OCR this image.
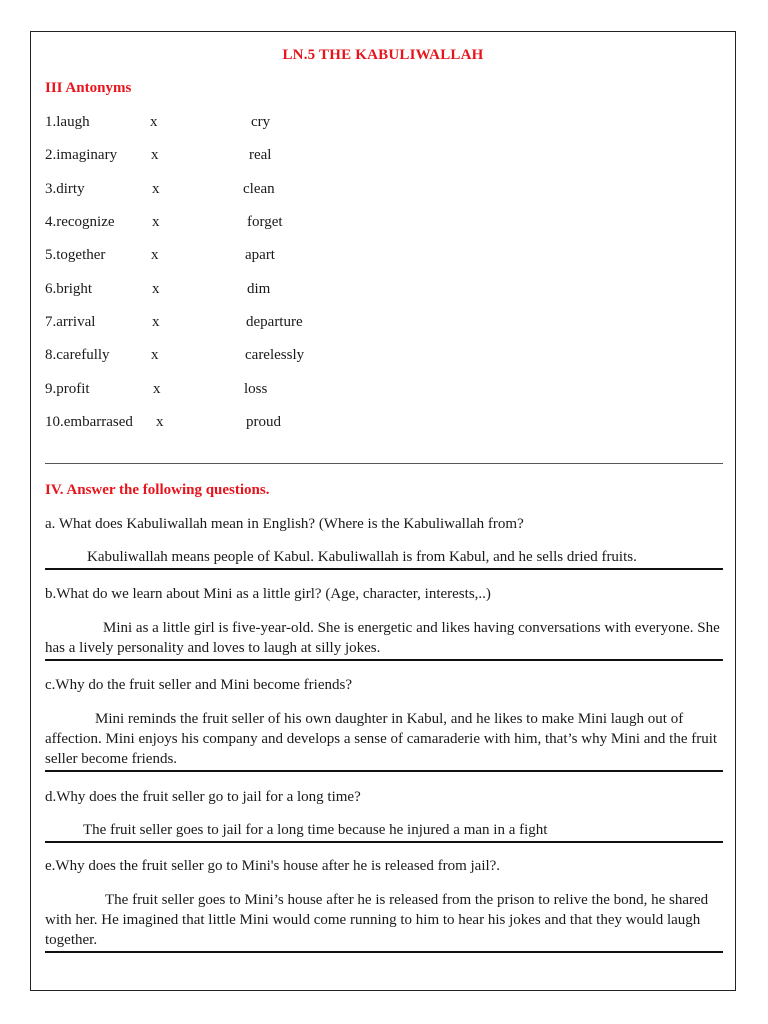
LN.5 THE KABULIWALLAH
III Antonyms
1.laugh	x	cry
2.imaginary x	real
3.dirty	x	clean
4.recognize x	forget
5.together	x	apart
6.bright	x	dim
7.arrival	x	departure
8.carefully	x	carelessly
9.profit	x	loss
10.embarrased x	proud
IV. Answer the following questions.
a. What does Kabuliwallah mean in English? (Where is the Kabuliwallah from?
Kabuliwallah means people of Kabul. Kabuliwallah is from Kabul, and he sells dried fruits.
b.What do we learn about Mini as a little girl? (Age, character, interests,..)
Mini as a little girl is five-year-old. She is energetic and likes having conversations with everyone. She has a lively personality and loves to laugh at silly jokes.
c.Why do the fruit seller and Mini become friends?
Mini reminds the fruit seller of his own daughter in Kabul, and he likes to make Mini laugh out of affection. Mini enjoys his company and develops a sense of camaraderie with him, that’s why Mini and the fruit seller become friends.
d.Why does the fruit seller go to jail for a long time?
The fruit seller goes to jail for a long time because he injured a man in a fight
e.Why does the fruit seller go to Mini's house after he is released from jail?.
The fruit seller goes to Mini’s house after he is released from the prison to relive the bond, he shared with her. He imagined that little Mini would come running to him to hear his jokes and that they would laugh together.
